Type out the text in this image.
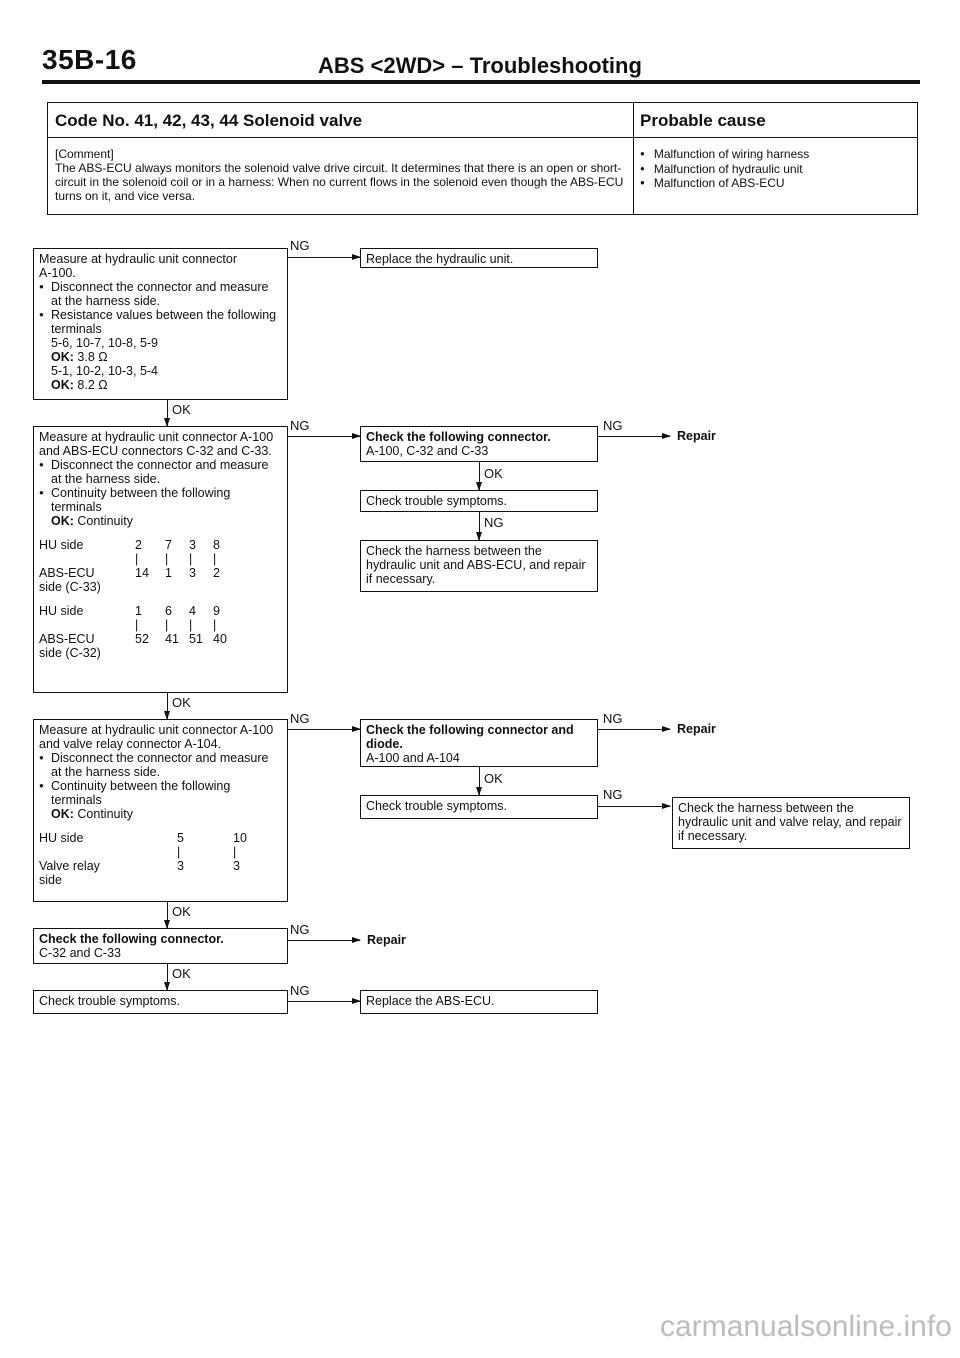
35B-16	ABS <2WD> – Troubleshooting
Code No. 41, 42, 43, 44 Solenoid valve	Probable cause
[Comment]
The ABS-ECU always monitors the solenoid valve drive circuit. It determines that there is an open or short-circuit in the solenoid coil or in a harness: When no current flows in the solenoid even though the ABS-ECU turns on it, and vice versa.
● Malfunction of wiring harness
● Malfunction of hydraulic unit
● Malfunction of ABS-ECU

Measure at hydraulic unit connector

A-100.

● Disconnect the connector and measure at the harness side.

● Resistance values between the following terminals

5-6, 10-7, 10-8, 5-9

OK: 3.8 Ω

5-1, 10-2, 10-3, 5-4

OK: 8.2 Ω

NG

Replace the hydraulic unit.

OK

Measure at hydraulic unit connector A-100 and ABS-ECU connectors C-32 and C-33.

● Disconnect the connector and measure at the harness side.

● Continuity between the following terminals

OK: Continuity

HU side	2	7	3	8
|	|	|	|
ABS-ECU	14	1	3	2

side (C-33)

HU side	1	6	4	9
|	|	|	|
ABS-ECU	52	41 51 40

side (C-32)

NG

Check the following connector.

A-100, C-32 and C-33

NG
Repair
OK

Check trouble symptoms.

NG

Check the harness between the hydraulic unit and ABS-ECU, and repair if necessary.

OK

Measure at hydraulic unit connector A-100 and valve relay connector A-104.

● Disconnect the connector and measure at the harness side.

● Continuity between the following terminals

OK: Continuity

HU side	5	10
|	|
Valve relay	3	3

side

NG

Check the following connector and diode.

A-100 and A-104

NG
Repair
OK

Check trouble symptoms.

NG

Check the harness between the hydraulic unit and valve relay, and repair if necessary.

OK

Check the following connector.

C-32 and C-33

NG
Repair
OK

Check trouble symptoms.

NG

Replace the ABS-ECU.

carmanualsonline.info
